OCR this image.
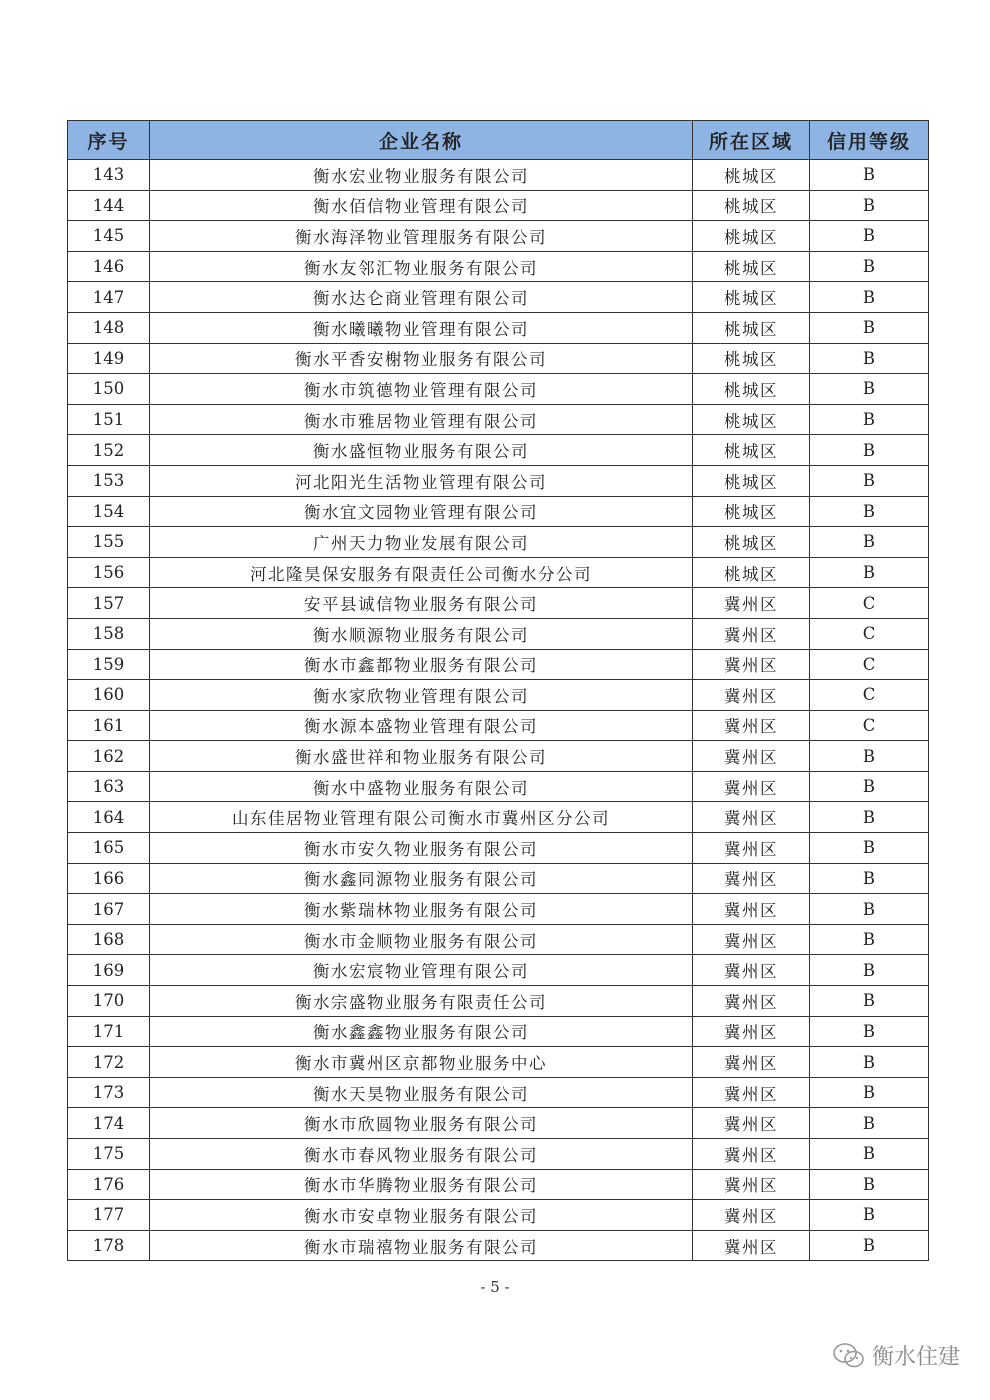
序号	企业名称	所在区域	信用等级
143	衡水宏业物业服务有限公司	桃城区	B
144	衡水佰信物业管理有限公司	桃城区	B
145	衡水海泽物业管理服务有限公司	桃城区	B
146	衡水友邻汇物业服务有限公司	桃城区	B
147	衡水达仑商业管理有限公司	桃城区	B
148	衡水曦曦物业管理有限公司	桃城区	B
149	衡水平香安榭物业服务有限公司	桃城区	B
150	衡水市筑德物业管理有限公司	桃城区	B
151	衡水市雅居物业管理有限公司	桃城区	B
152	衡水盛恒物业服务有限公司	桃城区	B
153	河北阳光生活物业管理有限公司	桃城区	B
154	衡水宜文园物业管理有限公司	桃城区	B
155	广州天力物业发展有限公司	桃城区	B
156	河北隆昊保安服务有限责任公司衡水分公司	桃城区	B
157	安平县诚信物业服务有限公司	冀州区	C
158	衡水顺源物业服务有限公司	冀州区	C
159	衡水市鑫都物业服务有限公司	冀州区	C
160	衡水家欣物业管理有限公司	冀州区	C
161	衡水源本盛物业管理有限公司	冀州区	C
162	衡水盛世祥和物业服务有限公司	冀州区	B
163	衡水中盛物业服务有限公司	冀州区	B
164	山东佳居物业管理有限公司衡水市冀州区分公司	冀州区	B
165	衡水市安久物业服务有限公司	冀州区	B
166	衡水鑫同源物业服务有限公司	冀州区	B
167	衡水紫瑞林物业服务有限公司	冀州区	B
168	衡水市金顺物业服务有限公司	冀州区	B
169	衡水宏宸物业管理有限公司	冀州区	B
170	衡水宗盛物业服务有限责任公司	冀州区	B
171	衡水鑫鑫物业服务有限公司	冀州区	B
172	衡水市冀州区京都物业服务中心	冀州区	B
173	衡水天昊物业服务有限公司	冀州区	B
174	衡水市欣圆物业服务有限公司	冀州区	B
175	衡水市春风物业服务有限公司	冀州区	B
176	衡水市华腾物业服务有限公司	冀州区	B
177	衡水市安卓物业服务有限公司	冀州区	B
178	衡水市瑞禧物业服务有限公司	冀州区	B
- 5 -
衡水住建
